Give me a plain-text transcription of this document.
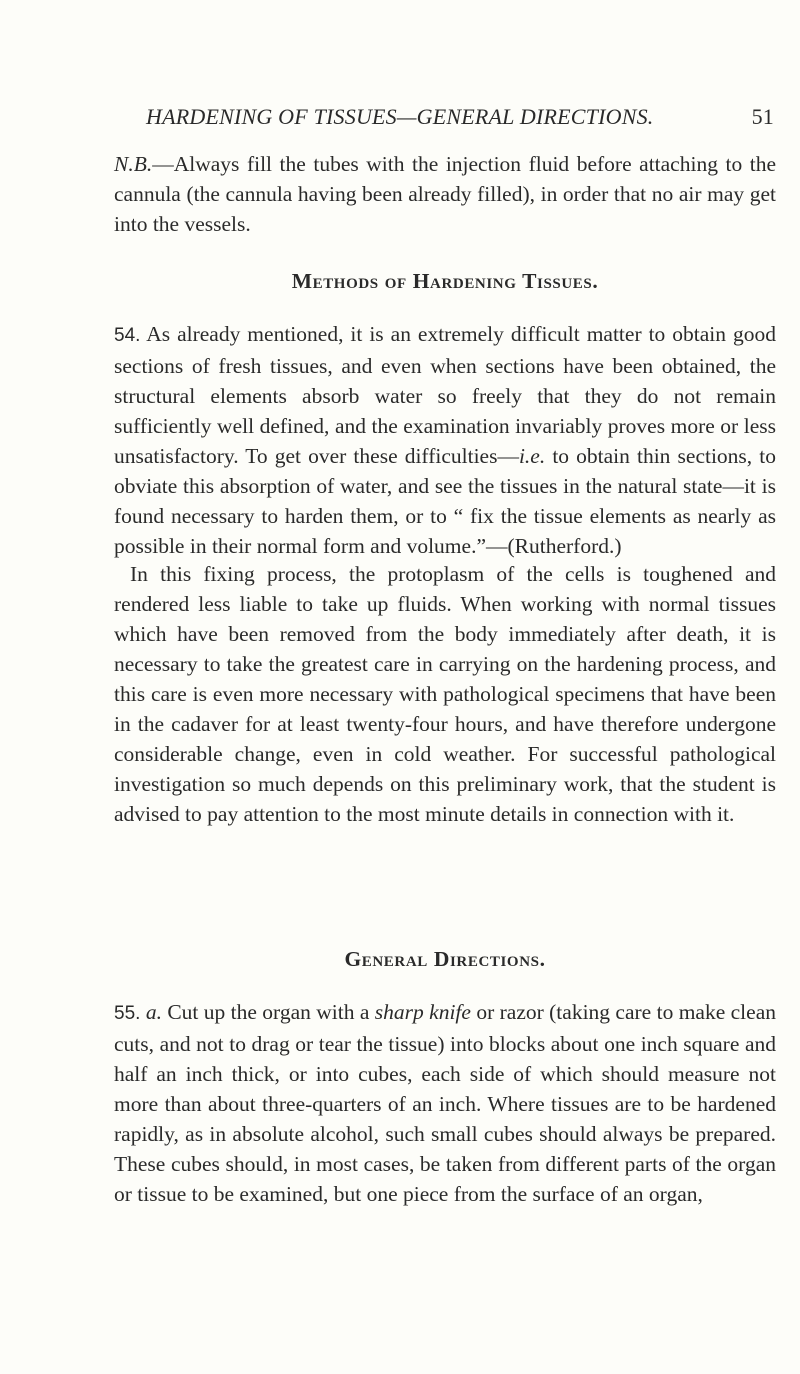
HARDENING OF TISSUES—GENERAL DIRECTIONS.	51

N.B.—Always fill the tubes with the injection fluid before attaching to the cannula (the cannula having been already filled), in order that no air may get into the vessels.

Methods of Hardening Tissues.

54. As already mentioned, it is an extremely difficult matter to obtain good sections of fresh tissues, and even when sections have been obtained, the structural elements absorb water so freely that they do not remain sufficiently well defined, and the examination invariably proves more or less unsatisfactory. To get over these difficulties—i.e. to obtain thin sections, to obviate this absorption of water, and see the tissues in the natural state—it is found necessary to harden them, or to “ fix the tissue elements as nearly as possible in their normal form and volume.”—(Rutherford.)

In this fixing process, the protoplasm of the cells is toughened and rendered less liable to take up fluids. When working with normal tissues which have been removed from the body immediately after death, it is necessary to take the greatest care in carrying on the hardening process, and this care is even more necessary with pathological specimens that have been in the cadaver for at least twenty-four hours, and have therefore undergone considerable change, even in cold weather. For successful pathological investigation so much depends on this preliminary work, that the student is advised to pay attention to the most minute details in connection with it.

General Directions.

55. a. Cut up the organ with a sharp knife or razor (taking care to make clean cuts, and not to drag or tear the tissue) into blocks about one inch square and half an inch thick, or into cubes, each side of which should measure not more than about three-quarters of an inch. Where tissues are to be hardened rapidly, as in absolute alcohol, such small cubes should always be prepared. These cubes should, in most cases, be taken from different parts of the organ or tissue to be examined, but one piece from the surface of an organ,
